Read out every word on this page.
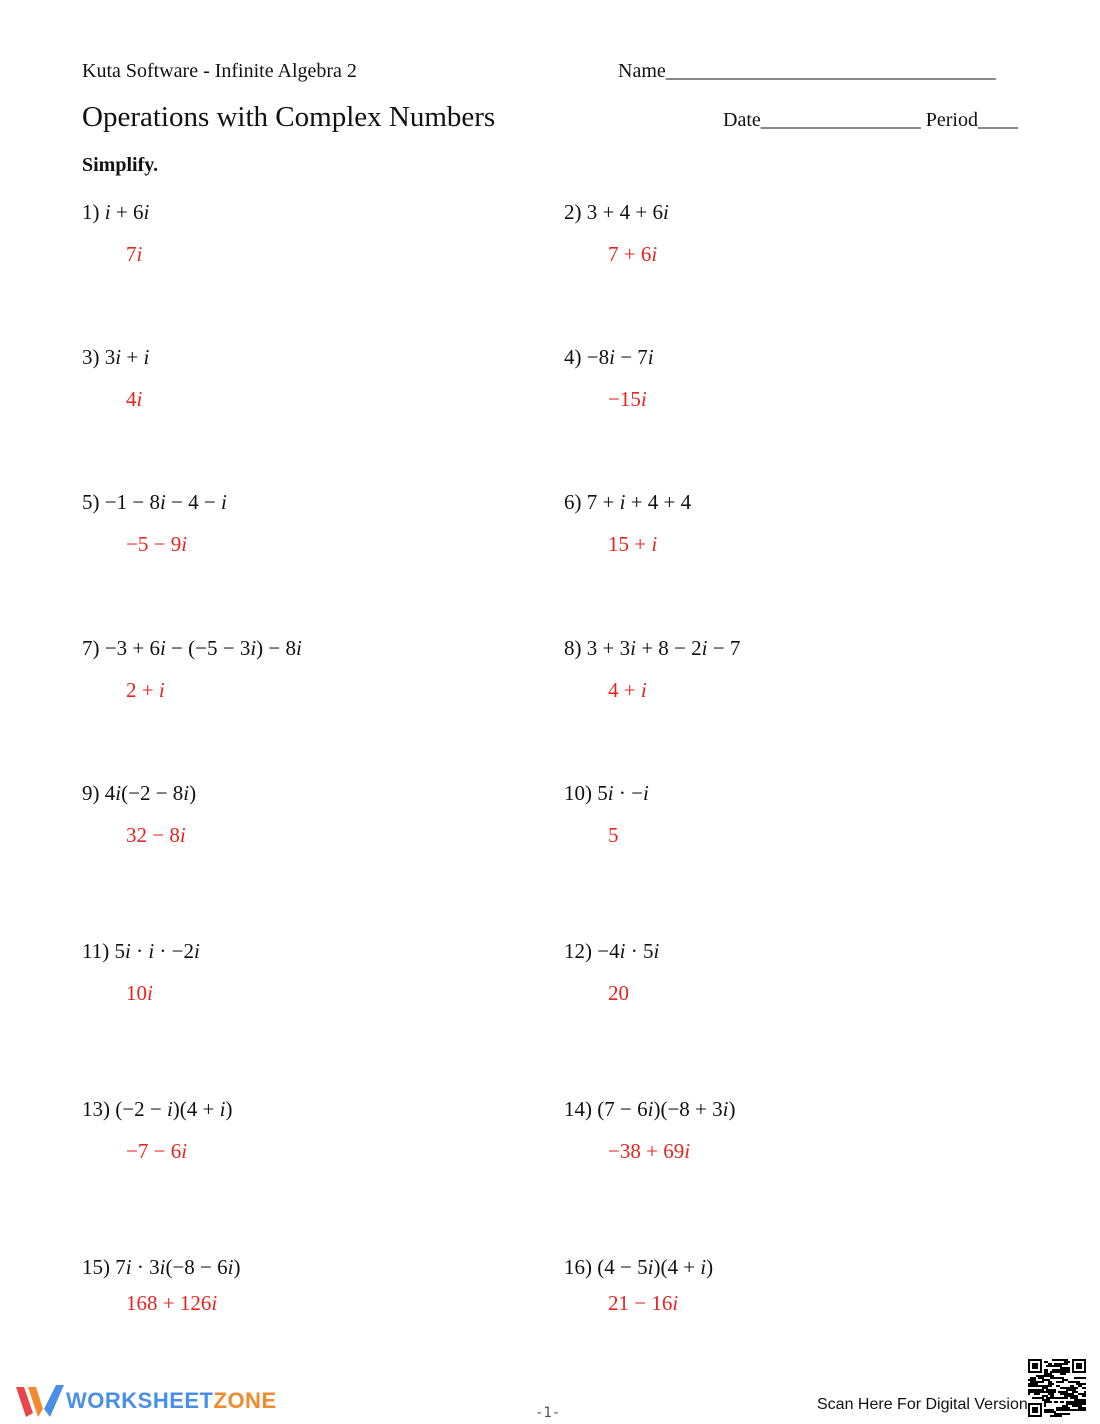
Kuta Software - Infinite Algebra 2	Name_________________________________
Operations with Complex Numbers	Date________________ Period____
Simplify.
1) i + 6i
7i
2) 3 + 4 + 6i
7 + 6i
3) 3i + i
4i
4) −8i − 7i
−15i
5) −1 − 8i − 4 − i
−5 − 9i
6) 7 + i + 4 + 4
15 + i
7) −3 + 6i − (−5 − 3i) − 8i
2 + i
8) 3 + 3i + 8 − 2i − 7
4 + i
9) 4i(−2 − 8i)
32 − 8i
10) 5i · −i
5
11) 5i · i · −2i
10i
12) −4i · 5i
20
13) (−2 − i)(4 + i)
−7 − 6i
14) (7 − 6i)(−8 + 3i)
−38 + 69i
15) 7i · 3i(−8 − 6i)
168 + 126i
16) (4 − 5i)(4 + i)
21 − 16i
WORKSHEETZONE	-1-	Scan Here For Digital Version
